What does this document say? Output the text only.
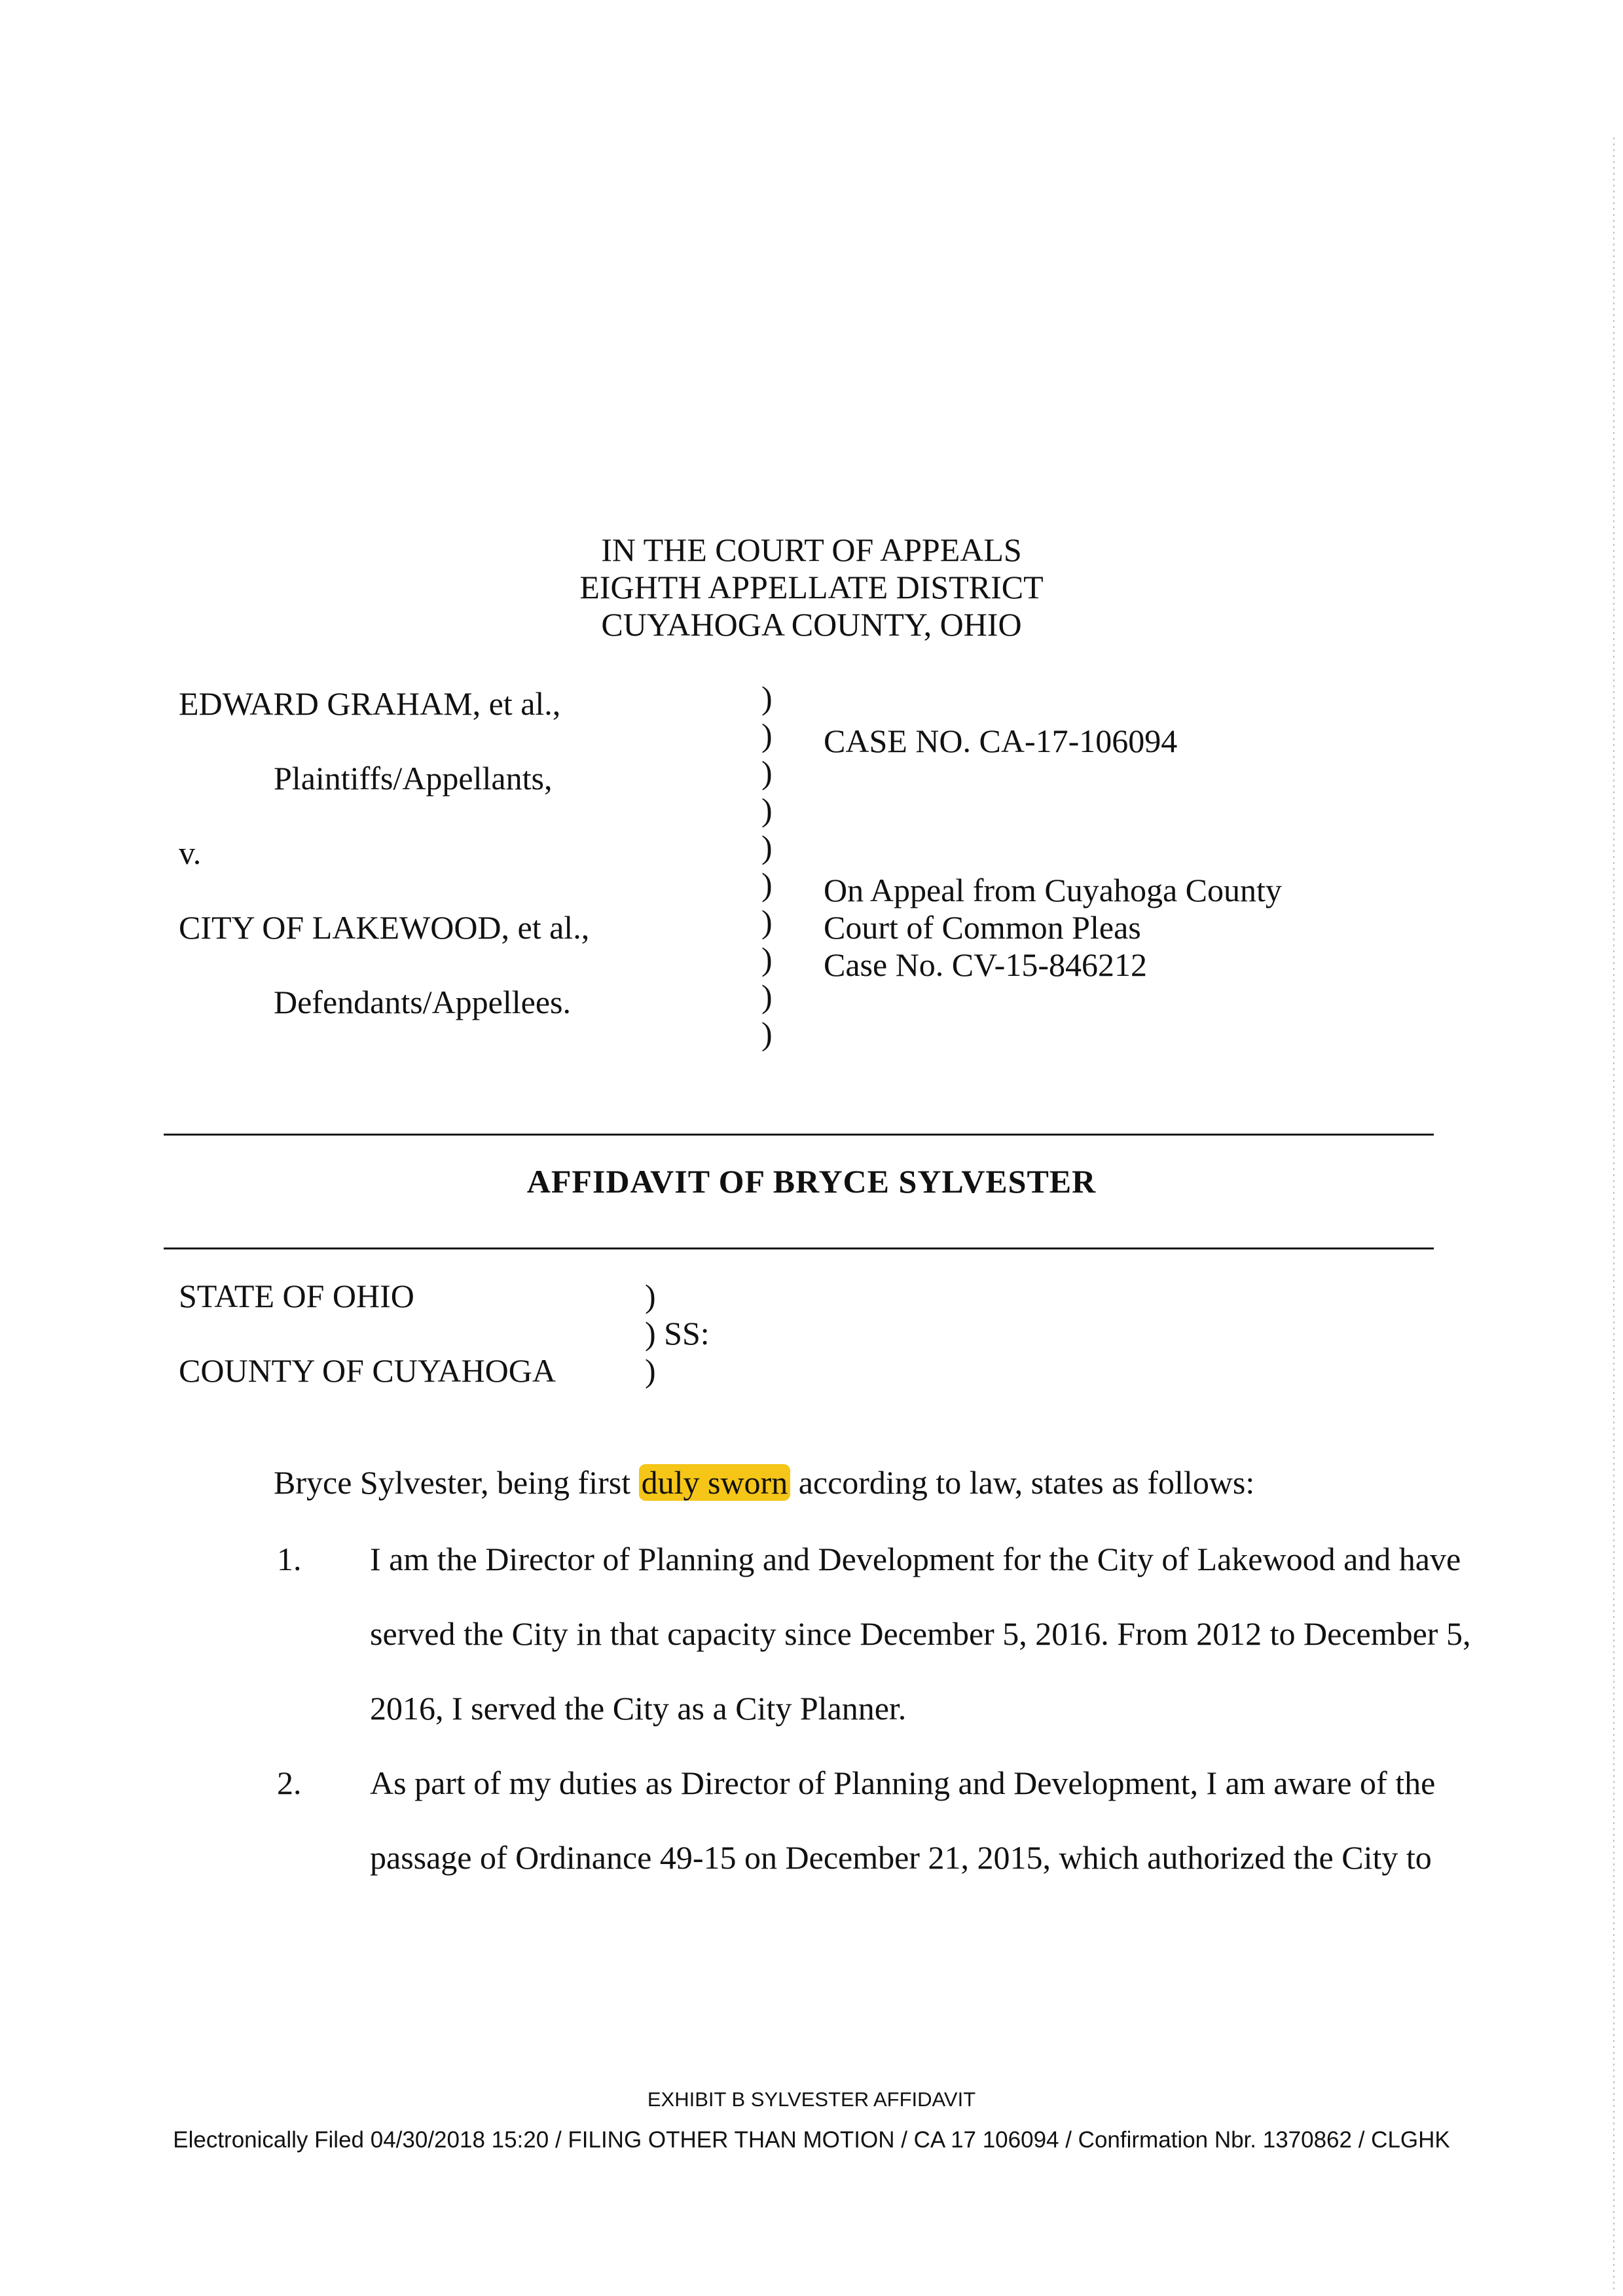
IN THE COURT OF APPEALS
EIGHTH APPELLATE DISTRICT
CUYAHOGA COUNTY, OHIO
EDWARD GRAHAM, et al.,
Plaintiffs/Appellants,
v.
CITY OF LAKEWOOD, et al.,
Defendants/Appellees.
)
)
)
)
)
)
)
)
)
)
CASE NO. CA-17-106094
On Appeal from Cuyahoga County
Court of Common Pleas
Case No. CV-15-846212
AFFIDAVIT OF BRYCE SYLVESTER
STATE OF OHIO
COUNTY OF CUYAHOGA
)
) SS:
)
Bryce Sylvester, being first duly sworn according to law, states as follows:
1. I am the Director of Planning and Development for the City of Lakewood and have
served the City in that capacity since December 5, 2016. From 2012 to December 5,
2016, I served the City as a City Planner.
2. As part of my duties as Director of Planning and Development, I am aware of the
passage of Ordinance 49-15 on December 21, 2015, which authorized the City to
EXHIBIT B SYLVESTER AFFIDAVIT
Electronically Filed 04/30/2018 15:20 / FILING OTHER THAN MOTION / CA 17 106094 / Confirmation Nbr. 1370862 / CLGHK
